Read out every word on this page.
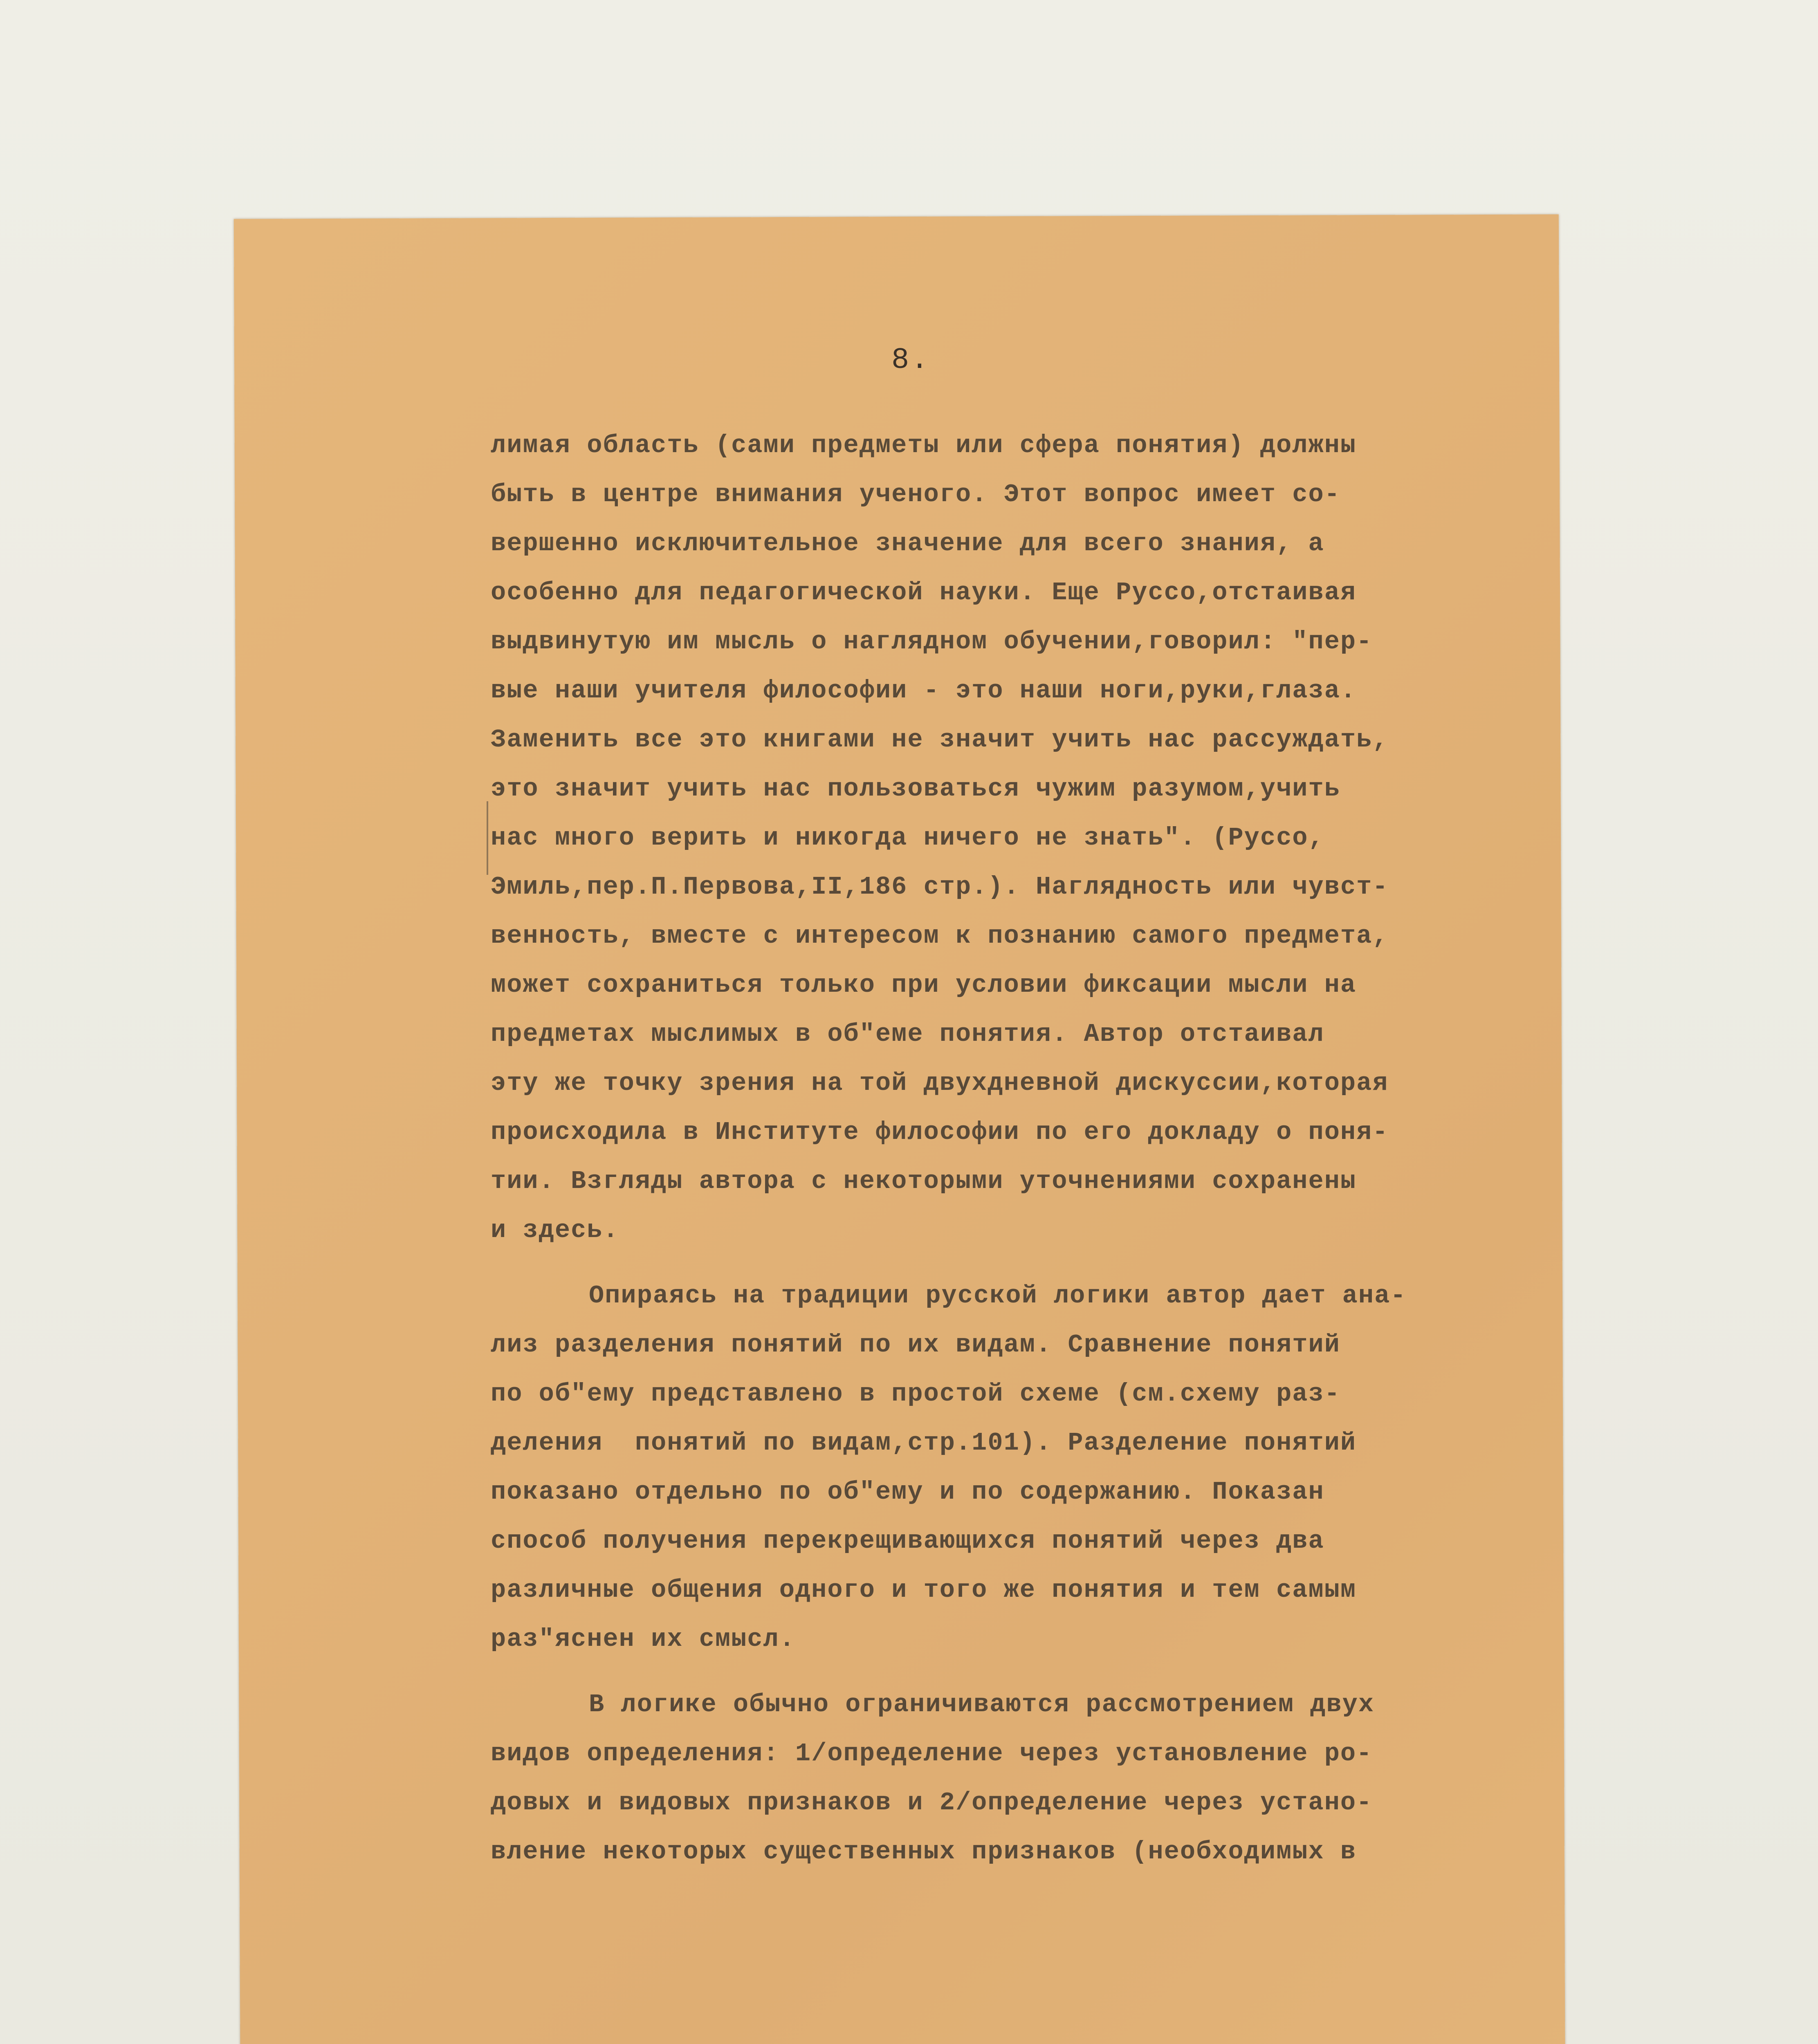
8.
лимая область (сами предметы или сфера понятия) должны
быть в центре внимания ученого. Этот вопрос имеет со-
вершенно исключительное значение для всего знания, а
особенно для педагогической науки. Еще Руссо,отстаивая
выдвинутую им мысль о наглядном обучении,говорил: "пер-
вые наши учителя философии - это наши ноги,руки,глаза.
Заменить все это книгами не значит учить нас рассуждать,
это значит учить нас пользоваться чужим разумом,учить
нас много верить и никогда ничего не знать". (Руссо,
Эмиль,пер.П.Первова,II,186 стр.). Наглядность или чувст-
венность, вместе с интересом к познанию самого предмета,
может сохраниться только при условии фиксации мысли на
предметах мыслимых в об"еме понятия. Автор отстаивал
эту же точку зрения на той двухдневной дискуссии,которая
происходила в Институте философии по его докладу о поня-
тии. Взгляды автора с некоторыми уточнениями сохранены
и здесь.
Опираясь на традиции русской логики автор дает ана-
лиз разделения понятий по их видам. Сравнение понятий
по об"ему представлено в простой схеме (см.схему раз-
деления  понятий по видам,стр.101). Разделение понятий
показано отдельно по об"ему и по содержанию. Показан
способ получения перекрещивающихся понятий через два
различные общения одного и того же понятия и тем самым
раз"яснен их смысл.
В логике обычно ограничиваются рассмотрением двух
видов определения: 1/определение через установление ро-
довых и видовых признаков и 2/определение через устано-
вление некоторых существенных признаков (необходимых в
